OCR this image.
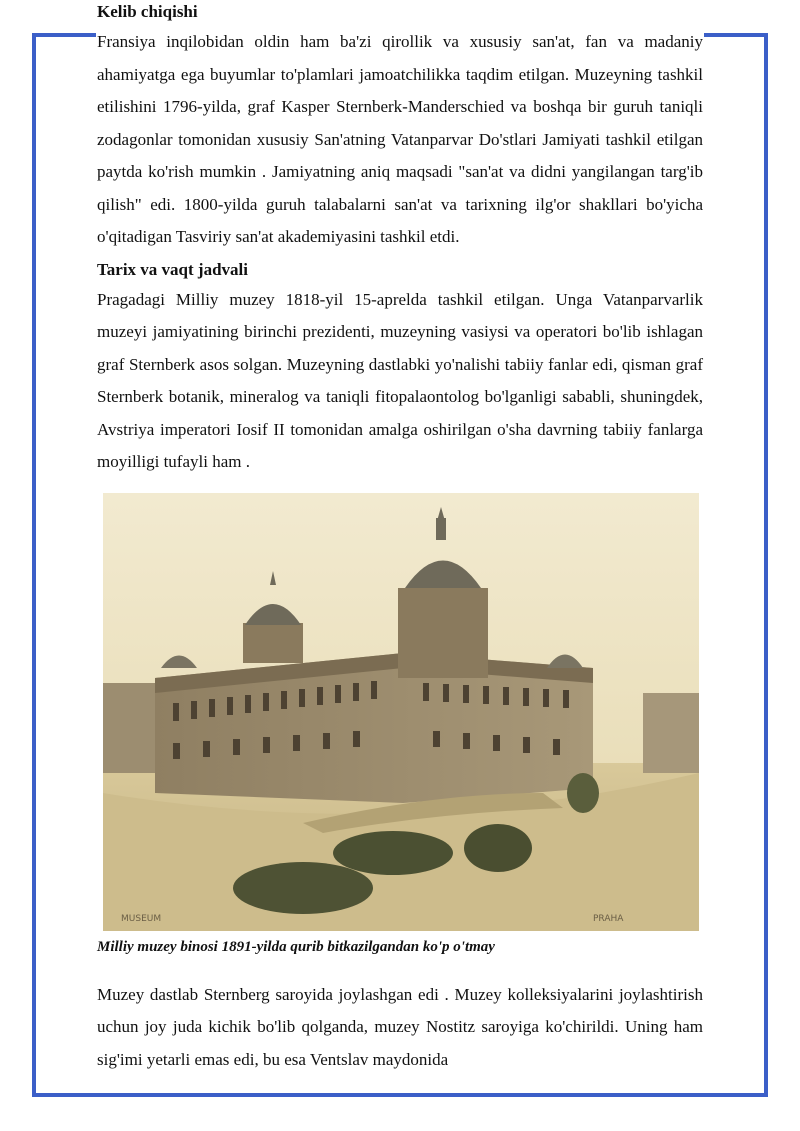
Kelib chiqishi

Fransiya inqilobidan oldin ham ba'zi qirollik va xususiy san'at, fan va madaniy ahamiyatga ega buyumlar to'plamlari jamoatchilikka taqdim etilgan. Muzeyning tashkil etilishini 1796-yilda, graf Kasper Sternberk-Manderschied va boshqa bir guruh taniqli zodagonlar tomonidan xususiy San'atning Vatanparvar Do'stlari Jamiyati tashkil etilgan paytda ko'rish mumkin . Jamiyatning aniq maqsadi "san'at va didni yangilangan targ'ib qilish" edi. 1800-yilda guruh talabalarni san'at va tarixning ilg'or shakllari bo'yicha o'qitadigan Tasviriy san'at akademiyasini tashkil etdi.

Tarix va vaqt jadvali

Pragadagi Milliy muzey 1818-yil 15-aprelda tashkil etilgan. Unga Vatanparvarlik muzeyi jamiyatining birinchi prezidenti, muzeyning vasiysi va operatori bo'lib ishlagan graf Sternberk asos solgan. Muzeyning dastlabki yo'nalishi tabiiy fanlar edi, qisman graf Sternberk botanik, mineralog va taniqli fitopalaontolog bo'lganligi sababli, shuningdek, Avstriya imperatori Iosif II tomonidan amalga oshirilgan o'sha davrning tabiiy fanlarga moyilligi tufayli ham .

MUSEUM	PRAHA
Milliy muzey binosi 1891-yilda qurib bitkazilgandan ko'p o'tmay

Muzey dastlab Sternberg saroyida joylashgan edi . Muzey kolleksiyalarini joylashtirish uchun joy juda kichik bo'lib qolganda, muzey Nostitz saroyiga ko'chirildi. Uning ham sig'imi yetarli emas edi, bu esa Ventslav maydonida
